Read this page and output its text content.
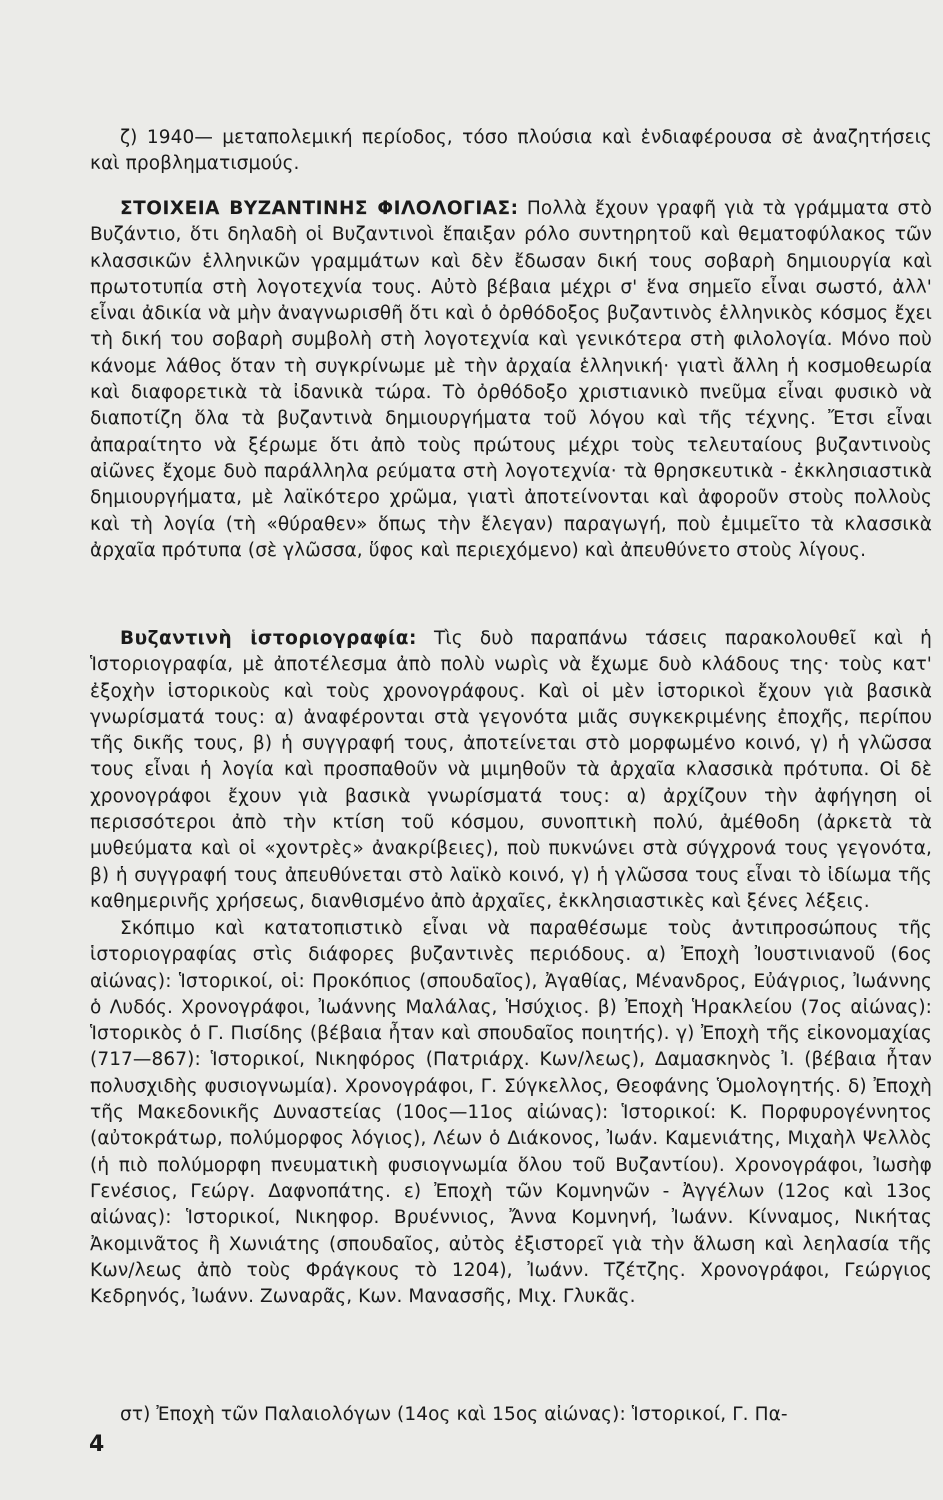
ζ) 1940— μεταπολεμική περίοδος, τόσο πλούσια καὶ ἐνδιαφέρουσα σὲ ἀναζητήσεις καὶ προβληματισμούς.

ΣΤΟΙΧΕΙΑ ΒΥΖΑΝΤΙΝΗΣ ΦΙΛΟΛΟΓΙΑΣ: Πολλὰ ἔχουν γραφῆ γιὰ τὰ γράμματα στὸ Βυζάντιο, ὅτι δηλαδὴ οἱ Βυζαντινοὶ ἔπαιξαν ρόλο συντηρητοῦ καὶ θεματοφύλακος τῶν κλασσικῶν ἑλληνικῶν γραμμάτων καὶ δὲν ἔδωσαν δική τους σοβαρὴ δημιουργία καὶ πρωτοτυπία στὴ λογοτεχνία τους. Αὐτὸ βέβαια μέχρι σ' ἕνα σημεῖο εἶναι σωστό, ἀλλ' εἶναι ἀδικία νὰ μὴν ἀναγνωρισθῆ ὅτι καὶ ὁ ὀρθόδοξος βυζαντινὸς ἑλληνικὸς κόσμος ἔχει τὴ δική του σοβαρὴ συμβολὴ στὴ λογοτεχνία καὶ γενικότερα στὴ φιλολογία. Μόνο ποὺ κάνομε λάθος ὅταν τὴ συγκρίνωμε μὲ τὴν ἀρχαία ἑλληνική· γιατὶ ἄλλη ἡ κοσμοθεωρία καὶ διαφορετικὰ τὰ ἰδανικὰ τώρα. Τὸ ὀρθόδοξο χριστιανικὸ πνεῦμα εἶναι φυσικὸ νὰ διαποτίζη ὅλα τὰ βυζαντινὰ δημιουργήματα τοῦ λόγου καὶ τῆς τέχνης. Ἔτσι εἶναι ἀπαραίτητο νὰ ξέρωμε ὅτι ἀπὸ τοὺς πρώτους μέχρι τοὺς τελευταίους βυζαντινοὺς αἰῶνες ἔχομε δυὸ παράλληλα ρεύματα στὴ λογοτεχνία· τὰ θρησκευτικὰ - ἐκκλησιαστικὰ δημιουργήματα, μὲ λαϊκότερο χρῶμα, γιατὶ ἀποτείνονται καὶ ἀφοροῦν στοὺς πολλοὺς καὶ τὴ λογία (τὴ «θύραθεν» ὅπως τὴν ἔλεγαν) παραγωγή, ποὺ ἐμιμεῖτο τὰ κλασσικὰ ἀρχαῖα πρότυπα (σὲ γλῶσσα, ὕφος καὶ περιεχόμενο) καὶ ἀπευθύνετο στοὺς λίγους.

Βυζαντινὴ ἱστοριογραφία: Τὶς δυὸ παραπάνω τάσεις παρακολουθεῖ καὶ ἡ Ἱστοριογραφία, μὲ ἀποτέλεσμα ἀπὸ πολὺ νωρὶς νὰ ἔχωμε δυὸ κλάδους της· τοὺς κατ' ἐξοχὴν ἱστορικοὺς καὶ τοὺς χρονογράφους. Καὶ οἱ μὲν ἱστορικοὶ ἔχουν γιὰ βασικὰ γνωρίσματά τους: α) ἀναφέρονται στὰ γεγονότα μιᾶς συγκεκριμένης ἐποχῆς, περίπου τῆς δικῆς τους, β) ἡ συγγραφή τους, ἀποτείνεται στὸ μορφωμένο κοινό, γ) ἡ γλῶσσα τους εἶναι ἡ λογία καὶ προσπαθοῦν νὰ μιμηθοῦν τὰ ἀρχαῖα κλασσικὰ πρότυπα. Οἱ δὲ χρονογράφοι ἔχουν γιὰ βασικὰ γνωρίσματά τους: α) ἀρχίζουν τὴν ἀφήγηση οἱ περισσότεροι ἀπὸ τὴν κτίση τοῦ κόσμου, συνοπτικὴ πολύ, ἀμέθοδη (ἀρκετὰ τὰ μυθεύματα καὶ οἱ «χοντρὲς» ἀνακρίβειες), ποὺ πυκνώνει στὰ σύγχρονά τους γεγονότα, β) ἡ συγγραφή τους ἀπευθύνεται στὸ λαϊκὸ κοινό, γ) ἡ γλῶσσα τους εἶναι τὸ ἰδίωμα τῆς καθημερινῆς χρήσεως, διανθισμένο ἀπὸ ἀρχαῖες, ἐκκλησιαστικὲς καὶ ξένες λέξεις.

Σκόπιμο καὶ κατατοπιστικὸ εἶναι νὰ παραθέσωμε τοὺς ἀντιπροσώπους τῆς ἱστοριογραφίας στὶς διάφορες βυζαντινὲς περιόδους. α) Ἐποχὴ Ἰουστινιανοῦ (6ος αἰώνας): Ἱστορικοί, οἱ: Προκόπιος (σπουδαῖος), Ἀγαθίας, Μένανδρος, Εὐάγριος, Ἰωάννης ὁ Λυδός. Χρονογράφοι, Ἰωάννης Μαλάλας, Ἡσύχιος. β) Ἐποχὴ Ἡρακλείου (7ος αἰώνας): Ἱστορικὸς ὁ Γ. Πισίδης (βέβαια ἦταν καὶ σπουδαῖος ποιητής). γ) Ἐποχὴ τῆς εἰκονομαχίας (717—867): Ἱστορικοί, Νικηφόρος (Πατριάρχ. Κων/λεως), Δαμασκηνὸς Ἰ. (βέβαια ἦταν πολυσχιδὴς φυσιογνωμία). Χρονογράφοι, Γ. Σύγκελλος, Θεοφάνης Ὁμολογητής. δ) Ἐποχὴ τῆς Μακεδονικῆς Δυναστείας (10ος—11ος αἰώνας): Ἱστορικοί: Κ. Πορφυρογέννητος (αὐτοκράτωρ, πολύμορφος λόγιος), Λέων ὁ Διάκονος, Ἰωάν. Καμενιάτης, Μιχαὴλ Ψελλὸς (ἡ πιὸ πολύμορφη πνευματικὴ φυσιογνωμία ὅλου τοῦ Βυζαντίου). Χρονογράφοι, Ἰωσὴφ Γενέσιος, Γεώργ. Δαφνοπάτης. ε) Ἐποχὴ τῶν Κομνηνῶν - Ἀγγέλων (12ος καὶ 13ος αἰώνας): Ἱστορικοί, Νικηφορ. Βρυέννιος, Ἄννα Κομνηνή, Ἰωάνν. Κίνναμος, Νικήτας Ἀκομινᾶτος ἢ Χωνιάτης (σπουδαῖος, αὐτὸς ἐξιστορεῖ γιὰ τὴν ἅλωση καὶ λεηλασία τῆς Κων/λεως ἀπὸ τοὺς Φράγκους τὸ 1204), Ἰωάνν. Τζέτζης. Χρονογράφοι, Γεώργιος Κεδρηνός, Ἰωάνν. Ζωναρᾶς, Κων. Μανασσῆς, Μιχ. Γλυκᾶς.

στ) Ἐποχὴ τῶν Παλαιολόγων (14ος καὶ 15ος αἰώνας): Ἱστορικοί, Γ. Πα-

4
